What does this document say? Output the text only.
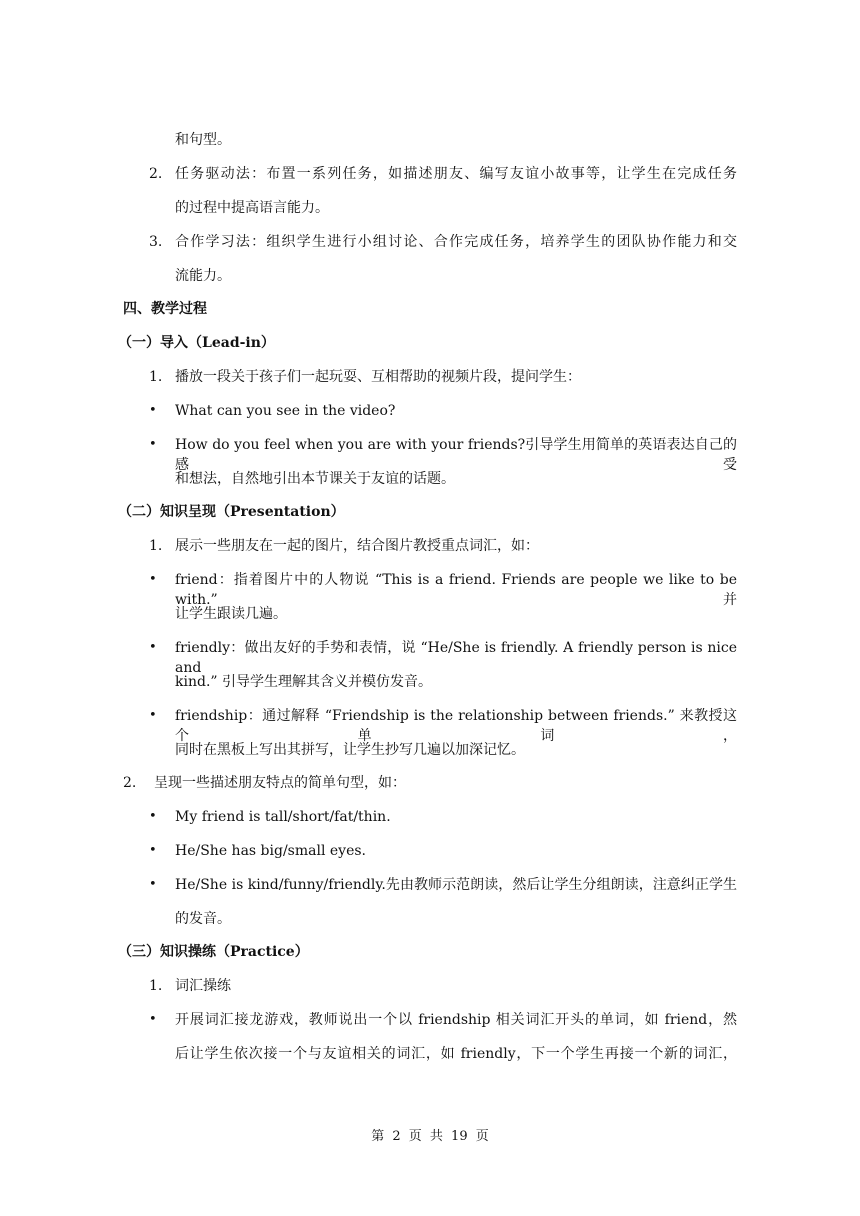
和句型。
2. 任务驱动法：布置一系列任务，如描述朋友、编写友谊小故事等，让学生在完成任务
的过程中提高语言能力。
3. 合作学习法：组织学生进行小组讨论、合作完成任务，培养学生的团队协作能力和交
流能力。
四、教学过程
（一）导入（Lead-in）
1. 播放一段关于孩子们一起玩耍、互相帮助的视频片段，提问学生：
• What can you see in the video?
• How do you feel when you are with your friends?引导学生用简单的英语表达自己的感受
和想法，自然地引出本节课关于友谊的话题。
（二）知识呈现（Presentation）
1. 展示一些朋友在一起的图片，结合图片教授重点词汇，如：
• friend：指着图片中的人物说 “This is a friend. Friends are people we like to be with.” 并
让学生跟读几遍。
• friendly：做出友好的手势和表情，说 “He/She is friendly. A friendly person is nice and
kind.” 引导学生理解其含义并模仿发音。
• friendship：通过解释 “Friendship is the relationship between friends.” 来教授这个单词，
同时在黑板上写出其拼写，让学生抄写几遍以加深记忆。
2. 呈现一些描述朋友特点的简单句型，如：
• My friend is tall/short/fat/thin.
• He/She has big/small eyes.
• He/She is kind/funny/friendly.先由教师示范朗读，然后让学生分组朗读，注意纠正学生
的发音。
（三）知识操练（Practice）
1. 词汇操练
• 开展词汇接龙游戏，教师说出一个以 friendship 相关词汇开头的单词，如 friend，然
后让学生依次接一个与友谊相关的词汇，如 friendly，下一个学生再接一个新的词汇，
第 2 页 共 19 页
